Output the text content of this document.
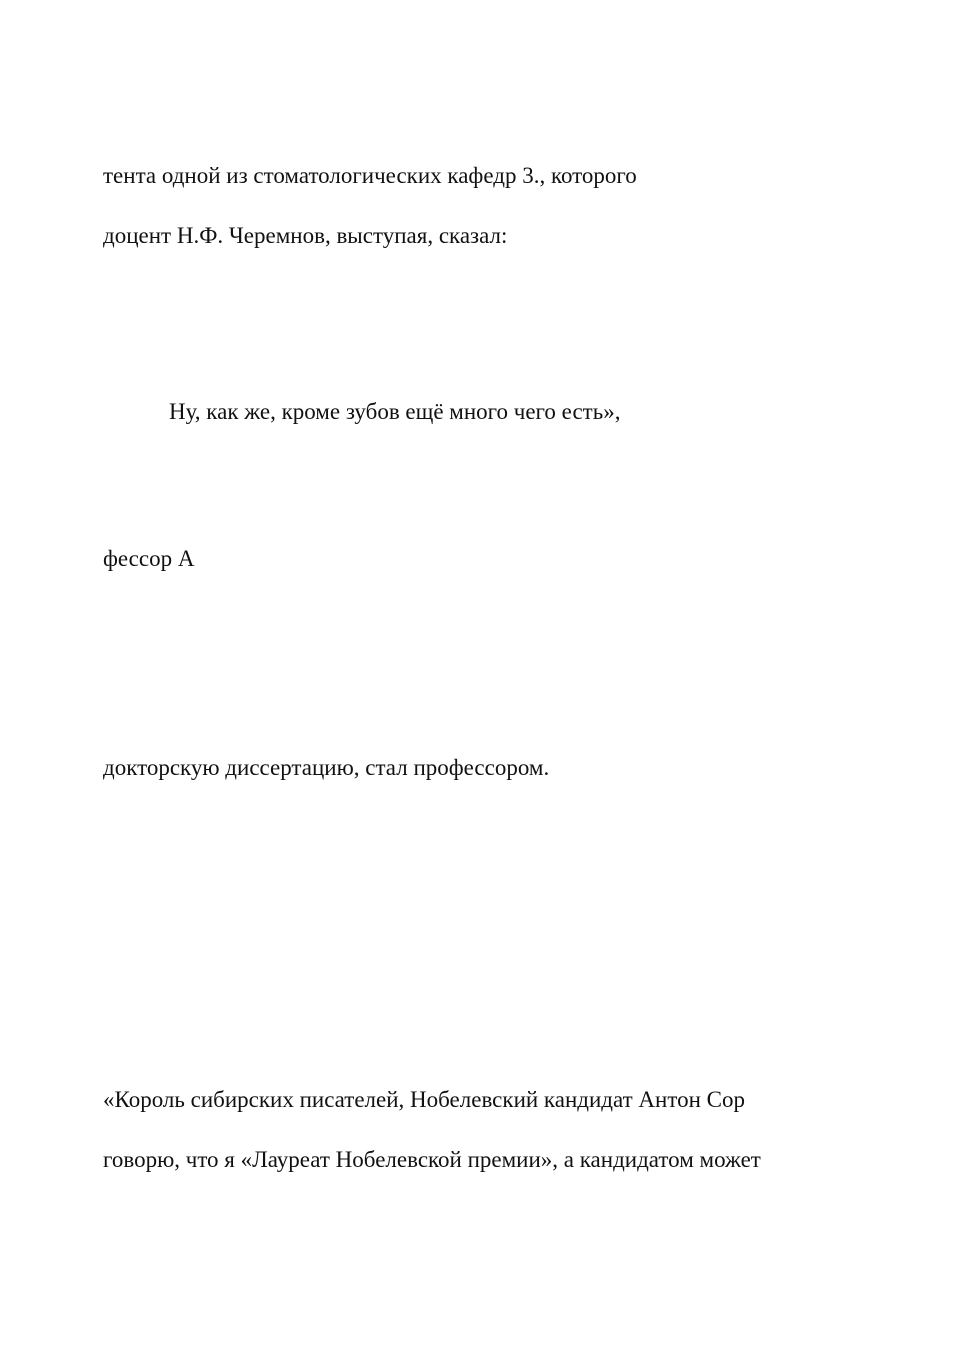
тента одной из стоматологических кафедр 3., которого
доцент Н.Ф. Черемнов, выступая, сказал:
Ну, как же, кроме зубов ещё много чего есть»,
фессор А
докторскую диссертацию, стал профессором.
«Король сибирских писателей, Нобелевский кандидат Антон Сор
говорю, что я «Лауреат Нобелевской премии», а кандидатом может
